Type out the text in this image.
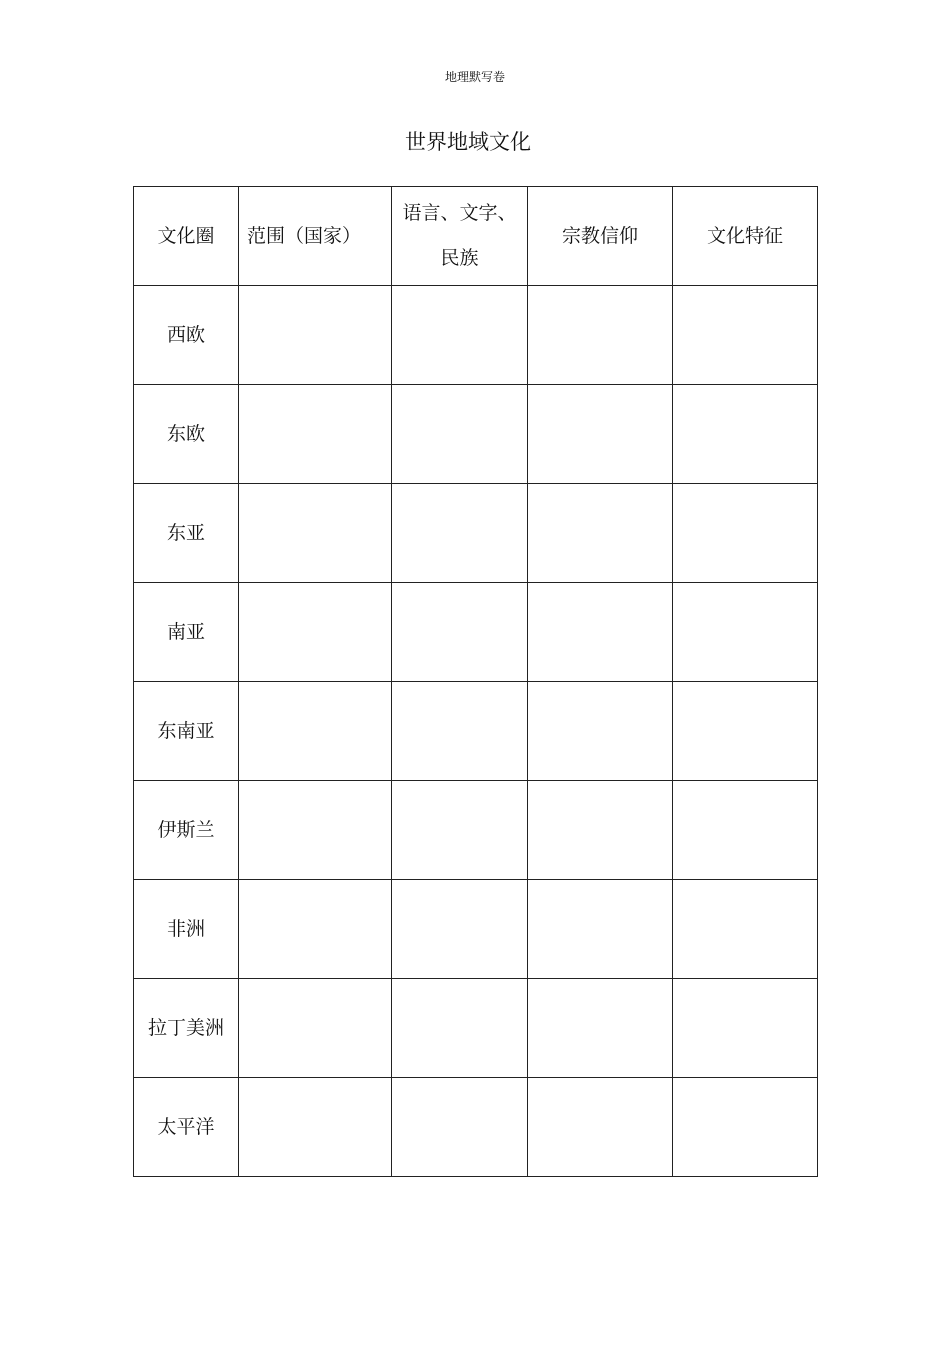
地理默写卷
世界地域文化
文化圈	范围（国家）	语言、文字、民族	宗教信仰	文化特征
西欧				
东欧				
东亚				
南亚				
东南亚				
伊斯兰				
非洲				
拉丁美洲				
太平洋				
